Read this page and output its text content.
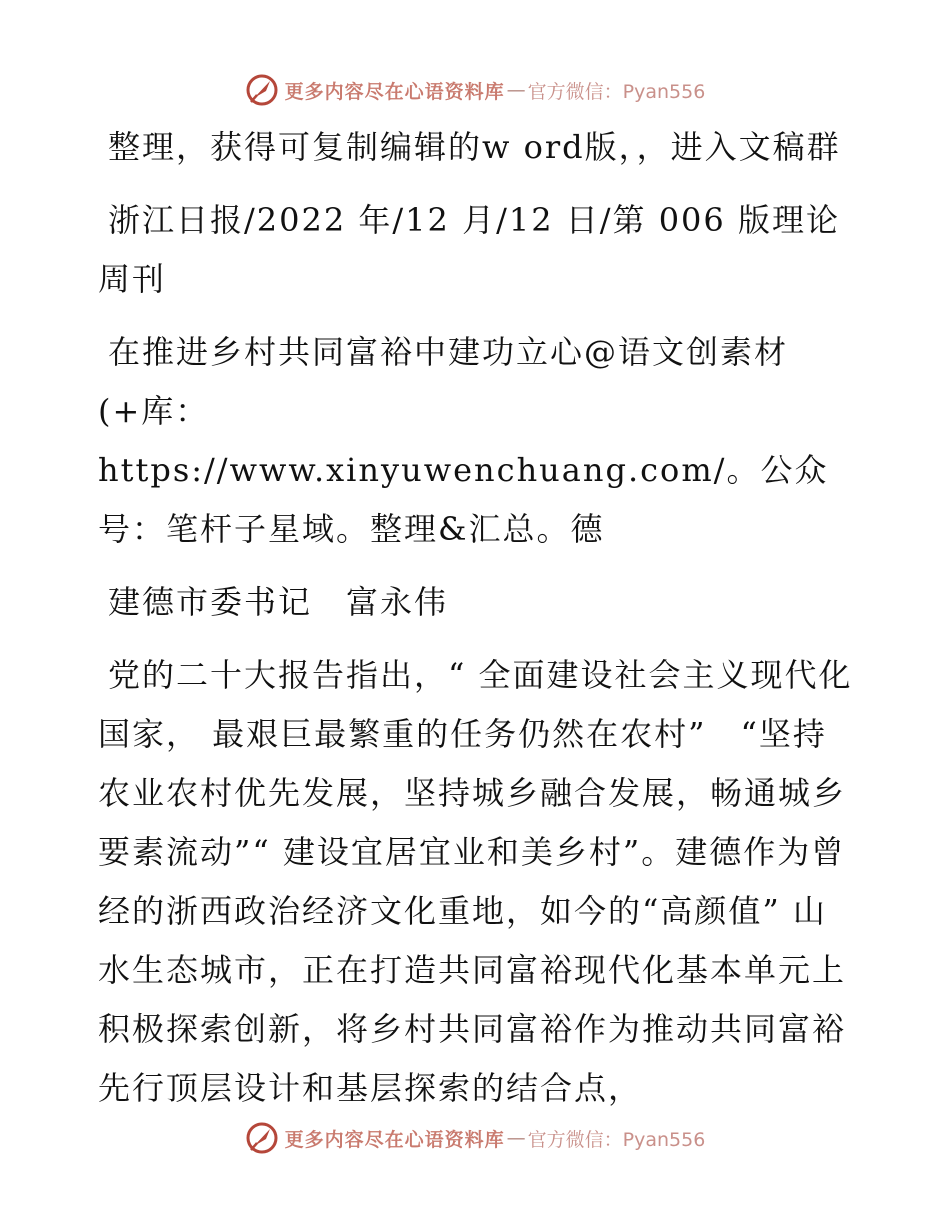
更多内容尽在心语资料库 — 官方微信：Pyan556

整理，获得可复制编辑的w ord版，，进入文稿群

浙江日报/2022 年/12 月/12 日/第 006 版理论周刊

在推进乡村共同富裕中建功立心@语文创素材(+库：https://www.xinyuwenchuang.com/。公众号：笔杆子星域。整理&汇总。德

建德市委书记　富永伟

党的二十大报告指出，“ 全面建设社会主义现代化国家， 最艰巨最繁重的任务仍然在农村”　“坚持农业农村优先发展，坚持城乡融合发展，畅通城乡要素流动”“ 建设宜居宜业和美乡村”。建德作为曾经的浙西政治经济文化重地，如今的“高颜值” 山水生态城市，正在打造共同富裕现代化基本单元上积极探索创新，将乡村共同富裕作为推动共同富裕先行顶层设计和基层探索的结合点，

更多内容尽在心语资料库 — 官方微信：Pyan556
